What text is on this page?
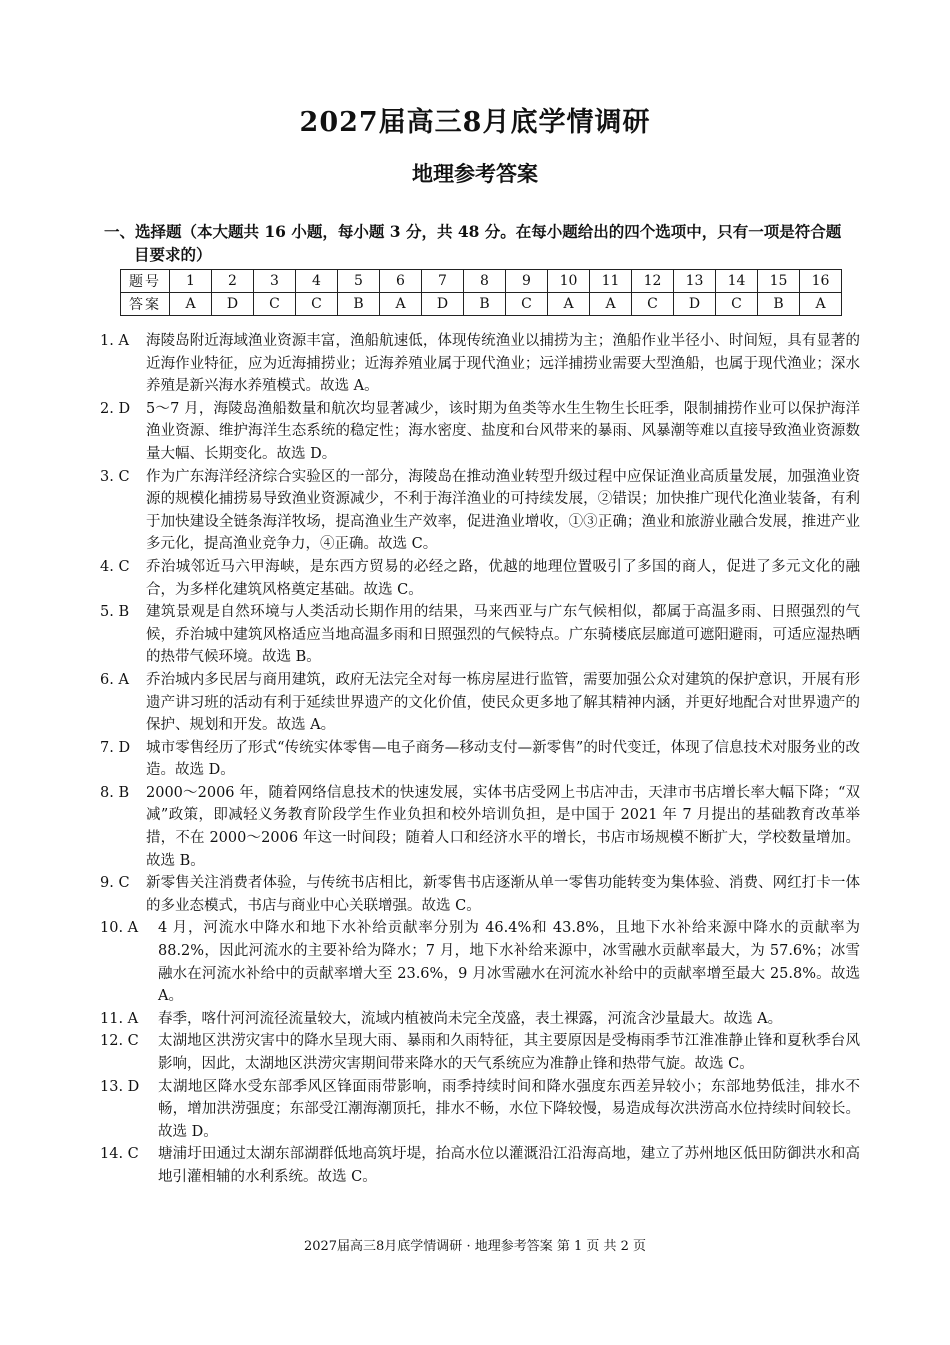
2027届高三8月底学情调研
地理参考答案
一、选择题（本大题共 16 小题，每小题 3 分，共 48 分。在每小题给出的四个选项中，只有一项是符合题
目要求的）
题号	1	2	3	4	5	6	7	8	9	10	11	12	13	14	15	16
答案	A	D	C	C	B	A	D	B	C	A	A	C	D	C	B	A
1. A	海陵岛附近海域渔业资源丰富，渔船航速低，体现传统渔业以捕捞为主；渔船作业半径小、时间短，具有显著的近海作业特征，应为近海捕捞业；近海养殖业属于现代渔业；远洋捕捞业需要大型渔船，也属于现代渔业；深水养殖是新兴海水养殖模式。故选 A。
2. D	5～7 月，海陵岛渔船数量和航次均显著减少，该时期为鱼类等水生生物生长旺季，限制捕捞作业可以保护海洋渔业资源、维护海洋生态系统的稳定性；海水密度、盐度和台风带来的暴雨、风暴潮等难以直接导致渔业资源数量大幅、长期变化。故选 D。
3. C	作为广东海洋经济综合实验区的一部分，海陵岛在推动渔业转型升级过程中应保证渔业高质量发展，加强渔业资源的规模化捕捞易导致渔业资源减少，不利于海洋渔业的可持续发展，②错误；加快推广现代化渔业装备，有利于加快建设全链条海洋牧场，提高渔业生产效率，促进渔业增收，①③正确；渔业和旅游业融合发展，推进产业多元化，提高渔业竞争力，④正确。故选 C。
4. C	乔治城邻近马六甲海峡，是东西方贸易的必经之路，优越的地理位置吸引了多国的商人，促进了多元文化的融合，为多样化建筑风格奠定基础。故选 C。
5. B	建筑景观是自然环境与人类活动长期作用的结果，马来西亚与广东气候相似，都属于高温多雨、日照强烈的气候，乔治城中建筑风格适应当地高温多雨和日照强烈的气候特点。广东骑楼底层廊道可遮阳避雨，可适应湿热晒的热带气候环境。故选 B。
6. A	乔治城内多民居与商用建筑，政府无法完全对每一栋房屋进行监管，需要加强公众对建筑的保护意识，开展有形遗产讲习班的活动有利于延续世界遗产的文化价值，使民众更多地了解其精神内涵，并更好地配合对世界遗产的保护、规划和开发。故选 A。
7. D	城市零售经历了形式“传统实体零售—电子商务—移动支付—新零售”的时代变迁，体现了信息技术对服务业的改造。故选 D。
8. B	2000～2006 年，随着网络信息技术的快速发展，实体书店受网上书店冲击，天津市书店增长率大幅下降；“双减”政策，即减轻义务教育阶段学生作业负担和校外培训负担，是中国于 2021 年 7 月提出的基础教育改革举措，不在 2000～2006 年这一时间段；随着人口和经济水平的增长，书店市场规模不断扩大，学校数量增加。故选 B。
9. C	新零售关注消费者体验，与传统书店相比，新零售书店逐渐从单一零售功能转变为集体验、消费、网红打卡一体的多业态模式，书店与商业中心关联增强。故选 C。
10. A	4 月，河流水中降水和地下水补给贡献率分别为 46.4%和 43.8%，且地下水补给来源中降水的贡献率为 88.2%，因此河流水的主要补给为降水；7 月，地下水补给来源中，冰雪融水贡献率最大，为 57.6%；冰雪融水在河流水补给中的贡献率增大至 23.6%，9 月冰雪融水在河流水补给中的贡献率增至最大 25.8%。故选 A。
11. A	春季，喀什河河流径流量较大，流域内植被尚未完全茂盛，表土裸露，河流含沙量最大。故选 A。
12. C	太湖地区洪涝灾害中的降水呈现大雨、暴雨和久雨特征，其主要原因是受梅雨季节江淮准静止锋和夏秋季台风影响，因此，太湖地区洪涝灾害期间带来降水的天气系统应为准静止锋和热带气旋。故选 C。
13. D	太湖地区降水受东部季风区锋面雨带影响，雨季持续时间和降水强度东西差异较小；东部地势低洼，排水不畅，增加洪涝强度；东部受江潮海潮顶托，排水不畅，水位下降较慢，易造成每次洪涝高水位持续时间较长。故选 D。
14. C	塘浦圩田通过太湖东部湖群低地高筑圩堤，抬高水位以灌溉沿江沿海高地，建立了苏州地区低田防御洪水和高地引灌相辅的水利系统。故选 C。
2027届高三8月底学情调研 · 地理参考答案 第 1 页 共 2 页
